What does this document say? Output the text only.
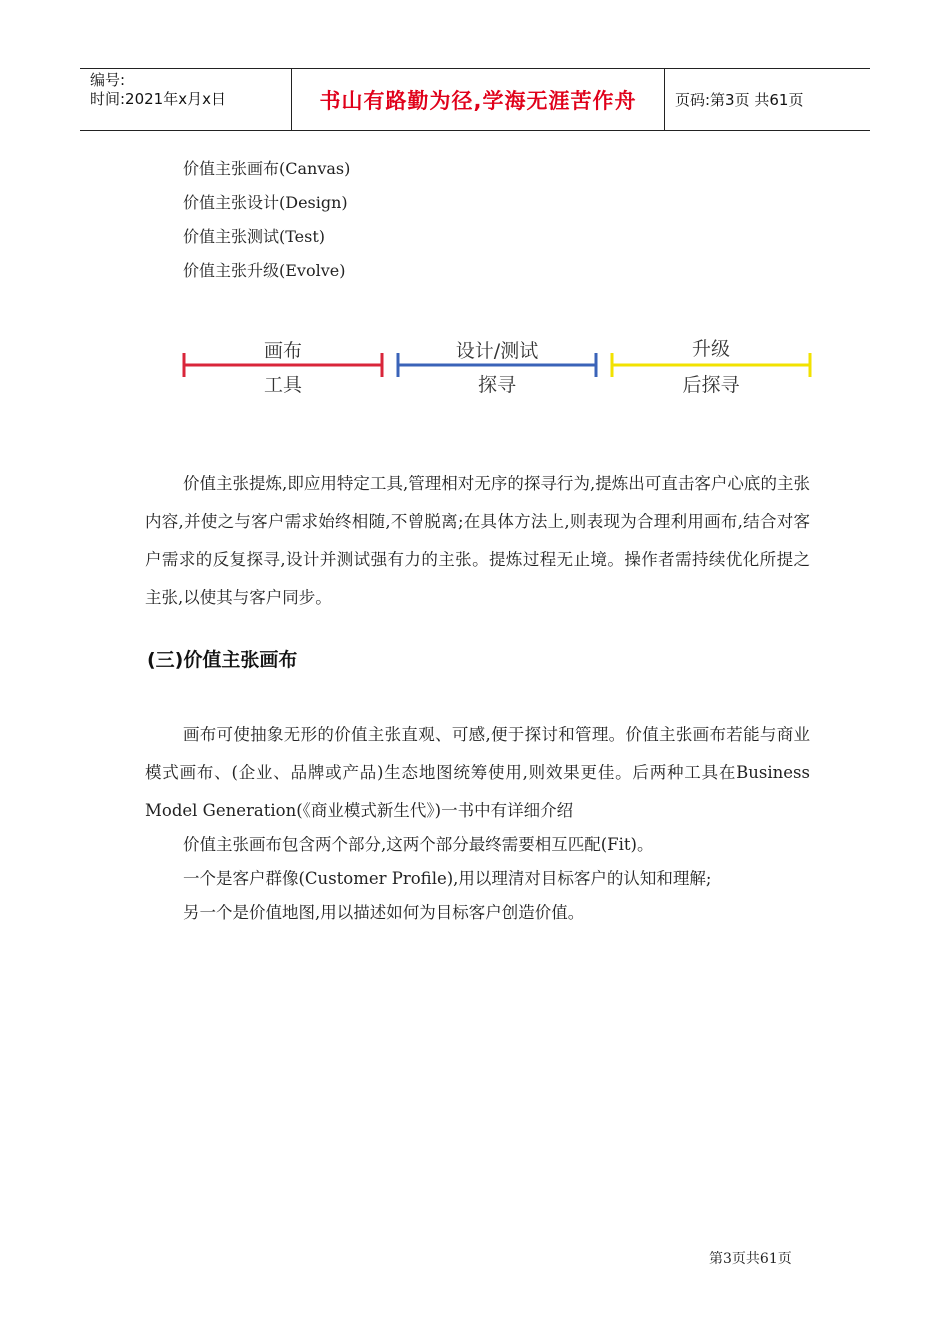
编号:
时间:2021年x月x日	书山有路勤为径,学海无涯苦作舟	页码:第3页 共61页
价值主张画布(Canvas)
价值主张设计(Design)
价值主张测试(Test)
价值主张升级(Evolve)
画布
工具
设计/测试
探寻
升级
后探寻

价值主张提炼,即应用特定工具,管理相对无序的探寻行为,提炼出可直击客户心底的主张内容,并使之与客户需求始终相随,不曾脱离;在具体方法上,则表现为合理利用画布,结合对客户需求的反复探寻,设计并测试强有力的主张。提炼过程无止境。操作者需持续优化所提之主张,以使其与客户同步。

(三)价值主张画布

画布可使抽象无形的价值主张直观、可感,便于探讨和管理。价值主张画布若能与商业模式画布、(企业、品牌或产品)生态地图统筹使用,则效果更佳。后两种工具在Business Model Generation(《商业模式新生代》)一书中有详细介绍

价值主张画布包含两个部分,这两个部分最终需要相互匹配(Fit)。
一个是客户群像(Customer Profile),用以理清对目标客户的认知和理解;
另一个是价值地图,用以描述如何为目标客户创造价值。
第3页共61页
